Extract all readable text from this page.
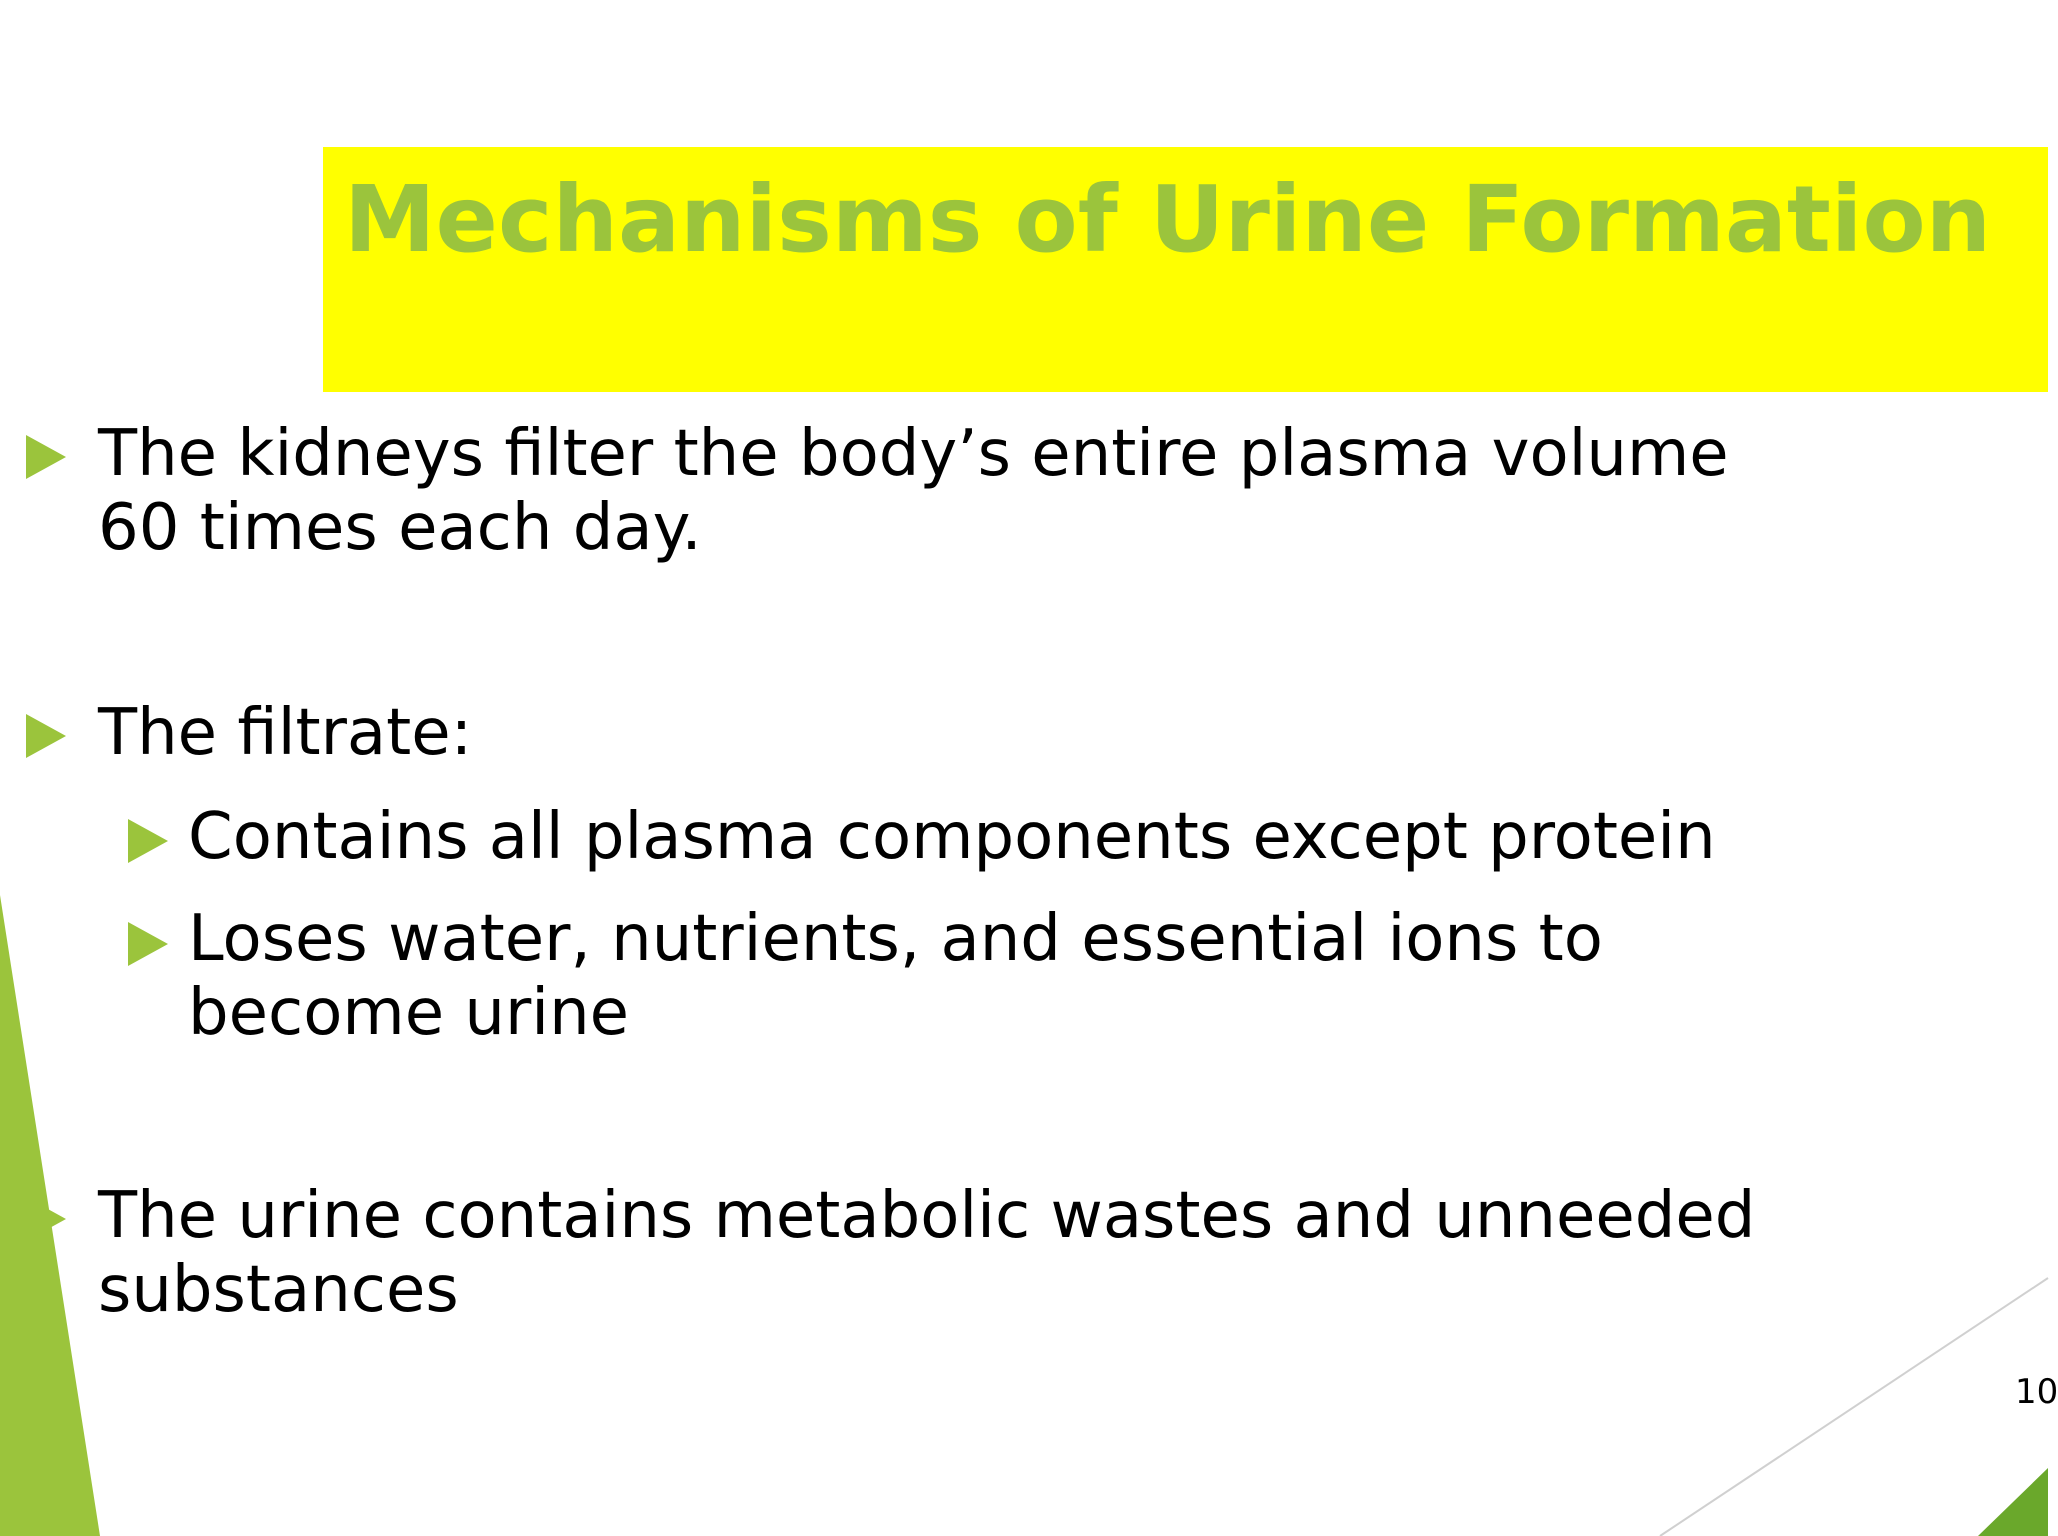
Mechanisms of Urine Formation
The kidneys filter the body’s entire plasma volume
60 times each day.
The filtrate:
Contains all plasma components except protein
Loses water, nutrients, and essential ions to
become urine
The urine contains metabolic wastes and unneeded
substances
10
